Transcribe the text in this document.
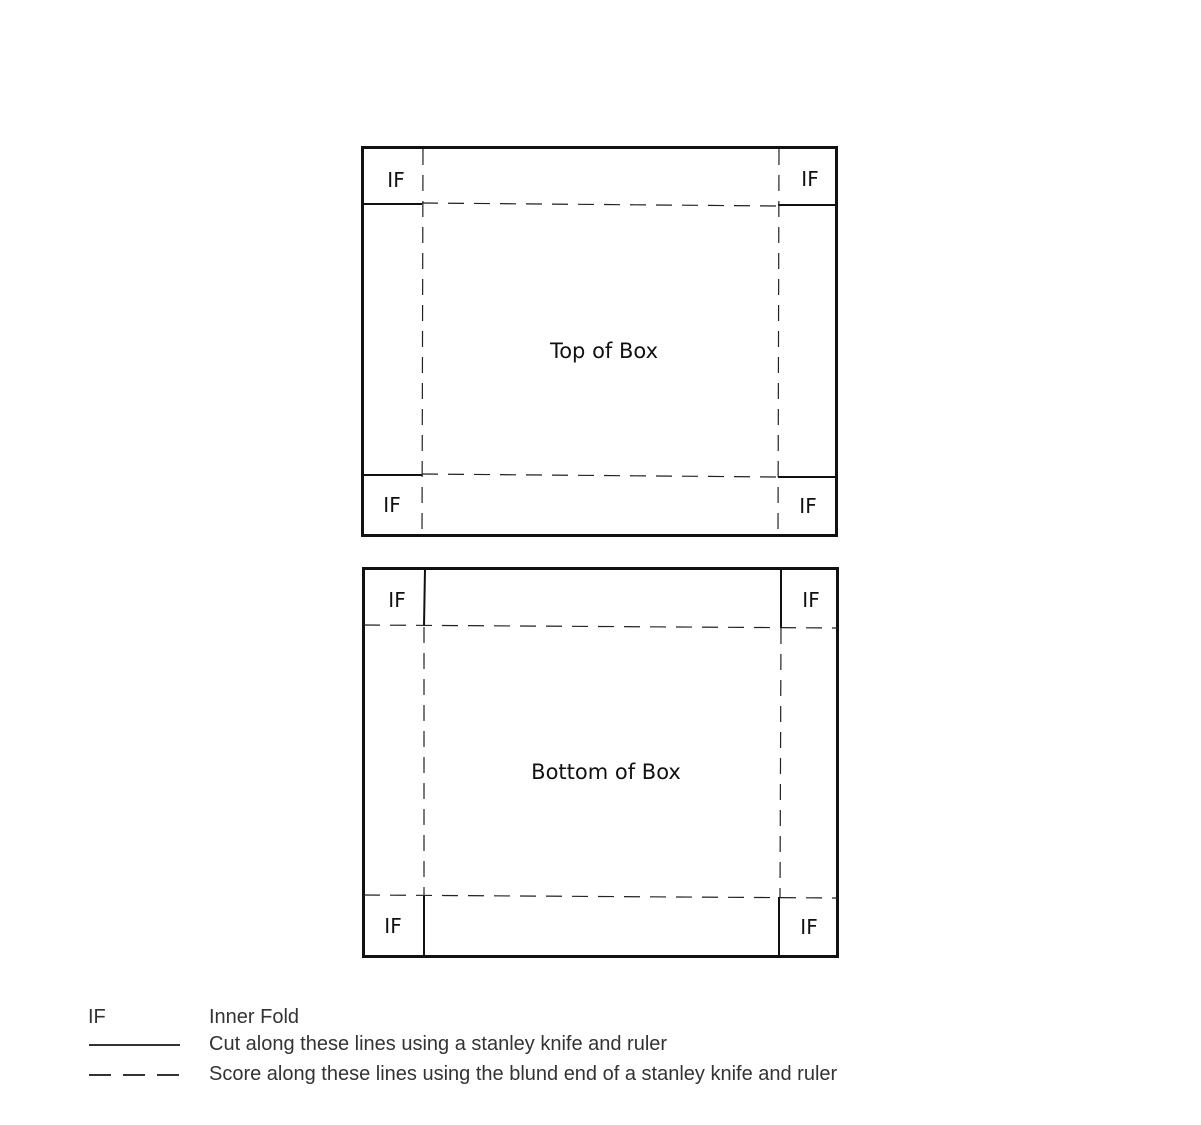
Top of Box
IF	IF
IF	IF
Bottom of Box
IF	IF
IF	IF
IF	Inner Fold
Cut along these lines using a stanley knife and ruler
Score along these lines using the blund end of a stanley knife and ruler
